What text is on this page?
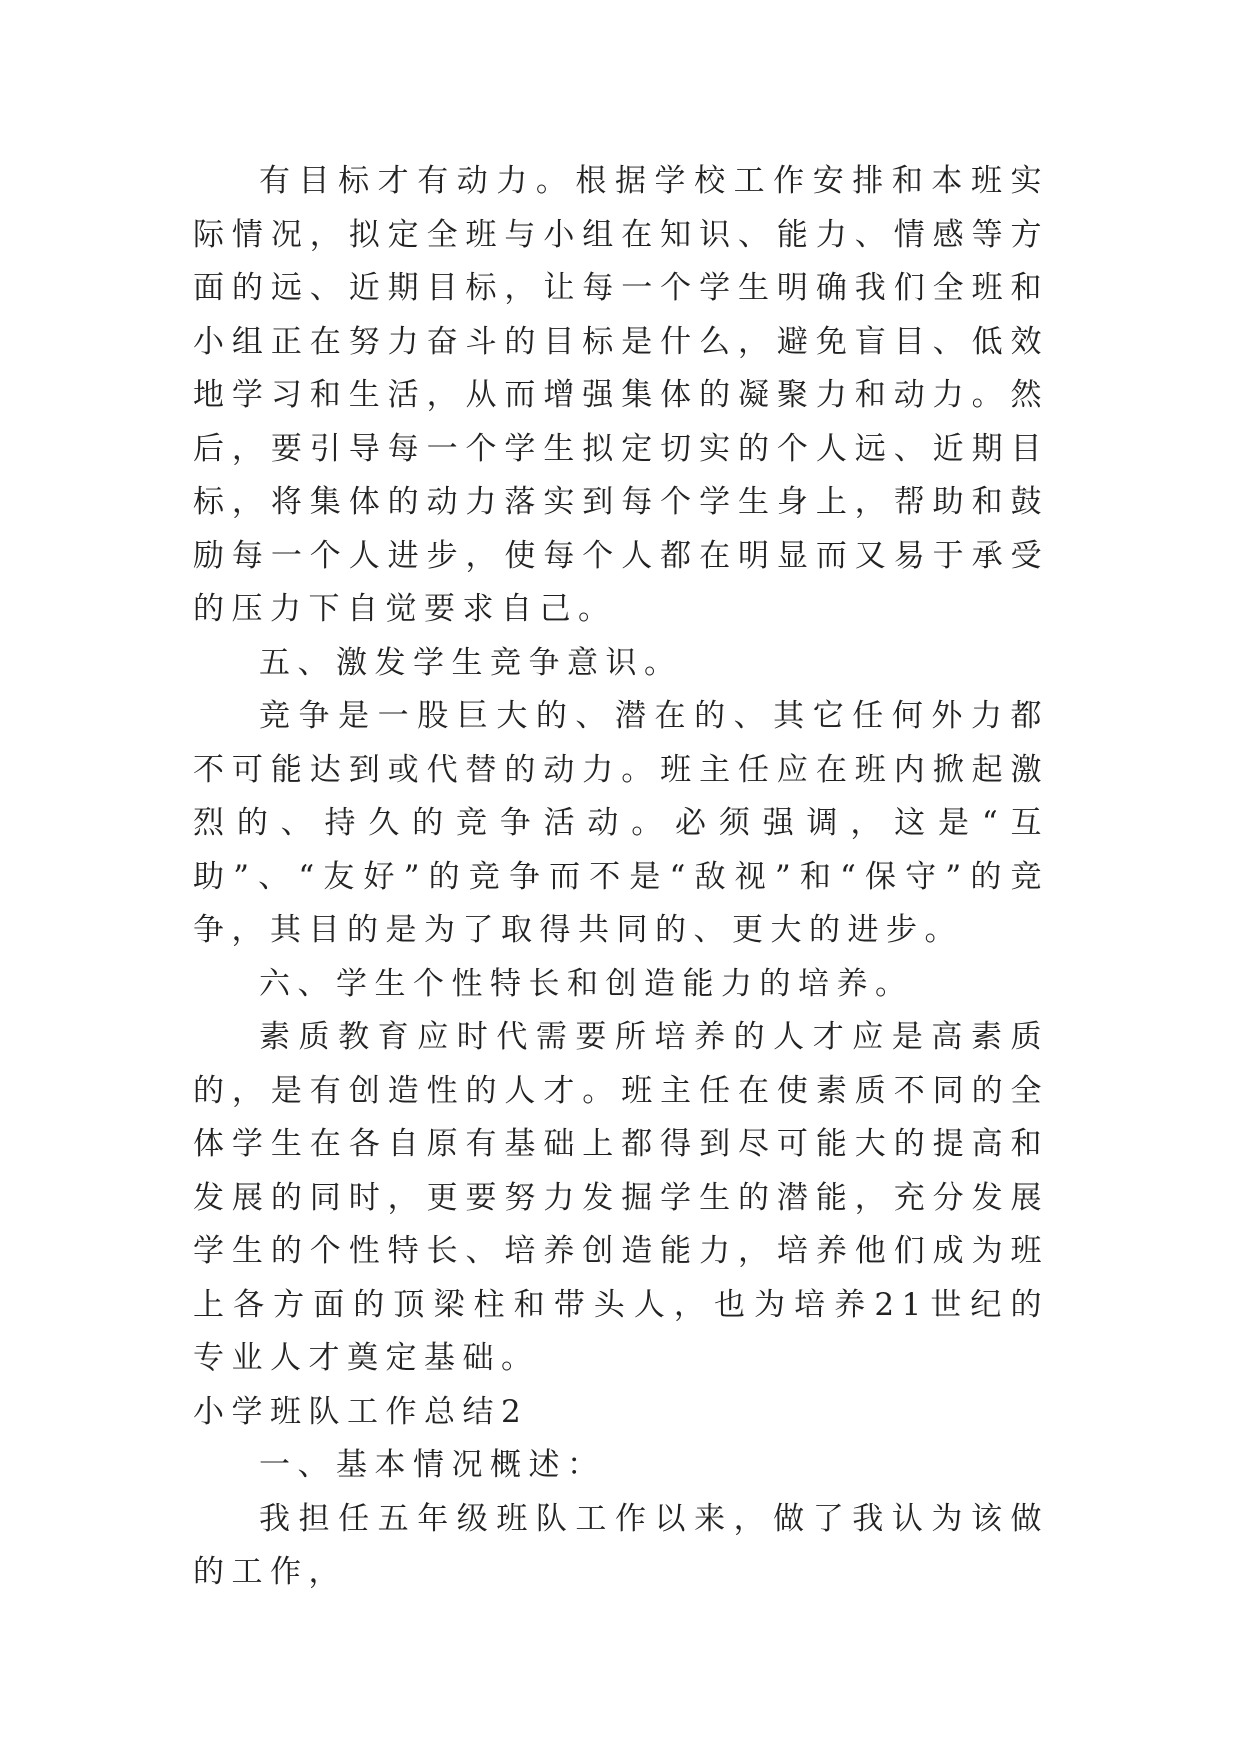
有目标才有动力。根据学校工作安排和本班实际情况，拟定全班与小组在知识、能力、情感等方面的远、近期目标，让每一个学生明确我们全班和小组正在努力奋斗的目标是什么，避免盲目、低效地学习和生活，从而增强集体的凝聚力和动力。然后，要引导每一个学生拟定切实的个人远、近期目标，将集体的动力落实到每个学生身上，帮助和鼓励每一个人进步，使每个人都在明显而又易于承受的压力下自觉要求自己。

五、激发学生竞争意识。

竞争是一股巨大的、潜在的、其它任何外力都不可能达到或代替的动力。班主任应在班内掀起激烈的、持久的竞争活动。必须强调，这是“互助”、“友好”的竞争而不是“敌视”和“保守”的竞争，其目的是为了取得共同的、更大的进步。

六、学生个性特长和创造能力的培养。

素质教育应时代需要所培养的人才应是高素质的，是有创造性的人才。班主任在使素质不同的全体学生在各自原有基础上都得到尽可能大的提高和发展的同时，更要努力发掘学生的潜能，充分发展学生的个性特长、培养创造能力，培养他们成为班上各方面的顶梁柱和带头人，也为培养21世纪的专业人才奠定基础。

小学班队工作总结2

一、基本情况概述：

我担任五年级班队工作以来，做了我认为该做的工作，
